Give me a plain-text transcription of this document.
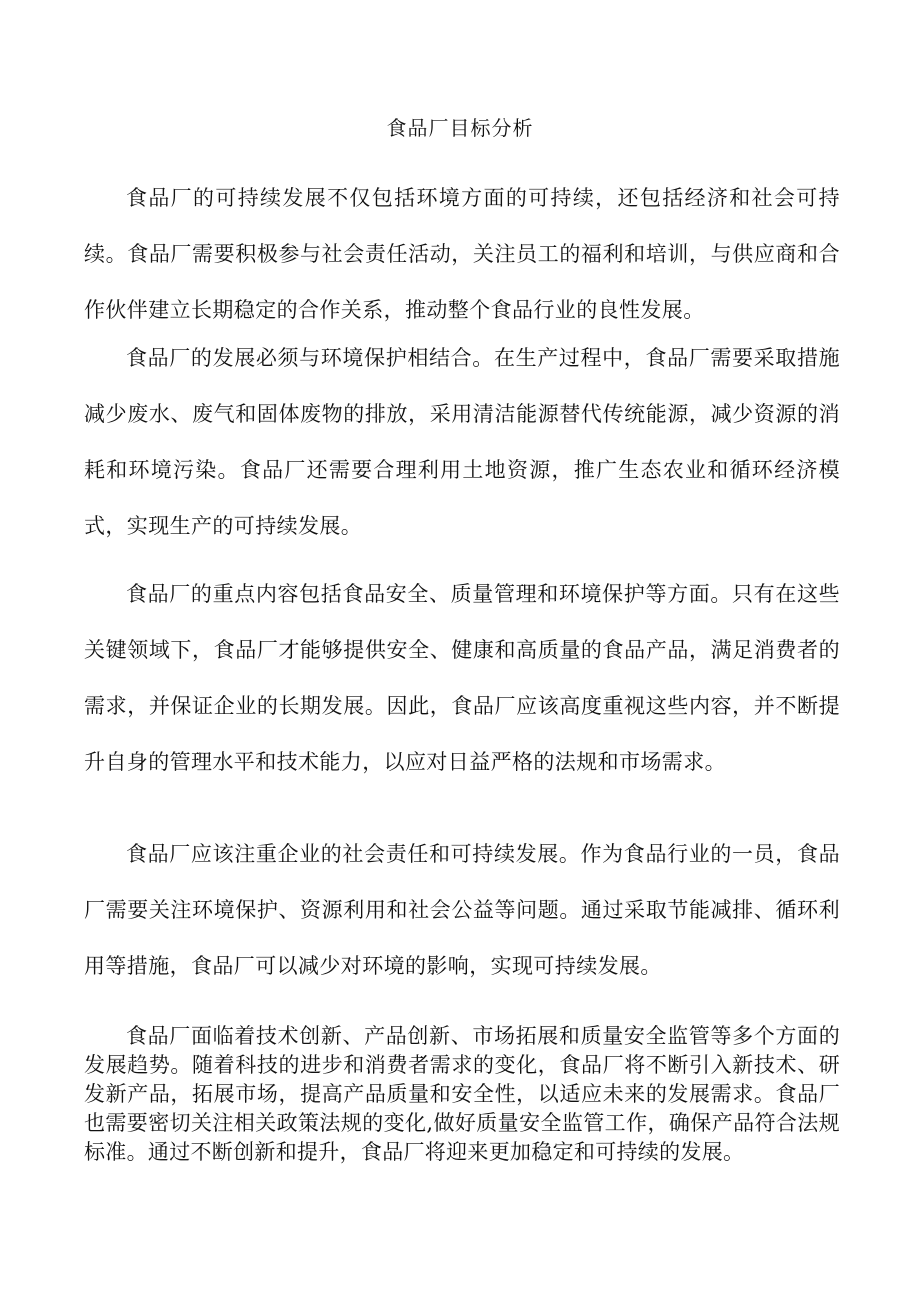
食品厂目标分析

食品厂的可持续发展不仅包括环境方面的可持续，还包括经济和社会可持续。食品厂需要积极参与社会责任活动，关注员工的福利和培训，与供应商和合作伙伴建立长期稳定的合作关系，推动整个食品行业的良性发展。

食品厂的发展必须与环境保护相结合。在生产过程中，食品厂需要采取措施减少废水、废气和固体废物的排放，采用清洁能源替代传统能源，减少资源的消耗和环境污染。食品厂还需要合理利用土地资源，推广生态农业和循环经济模式，实现生产的可持续发展。

食品厂的重点内容包括食品安全、质量管理和环境保护等方面。只有在这些关键领域下，食品厂才能够提供安全、健康和高质量的食品产品，满足消费者的需求，并保证企业的长期发展。因此，食品厂应该高度重视这些内容，并不断提升自身的管理水平和技术能力，以应对日益严格的法规和市场需求。

食品厂应该注重企业的社会责任和可持续发展。作为食品行业的一员，食品厂需要关注环境保护、资源利用和社会公益等问题。通过采取节能减排、循环利用等措施，食品厂可以减少对环境的影响，实现可持续发展。

食品厂面临着技术创新、产品创新、市场拓展和质量安全监管等多个方面的发展趋势。随着科技的进步和消费者需求的变化，食品厂将不断引入新技术、研发新产品，拓展市场，提高产品质量和安全性，以适应未来的发展需求。食品厂也需要密切关注相关政策法规的变化,做好质量安全监管工作，确保产品符合法规标准。通过不断创新和提升，食品厂将迎来更加稳定和可持续的发展。
